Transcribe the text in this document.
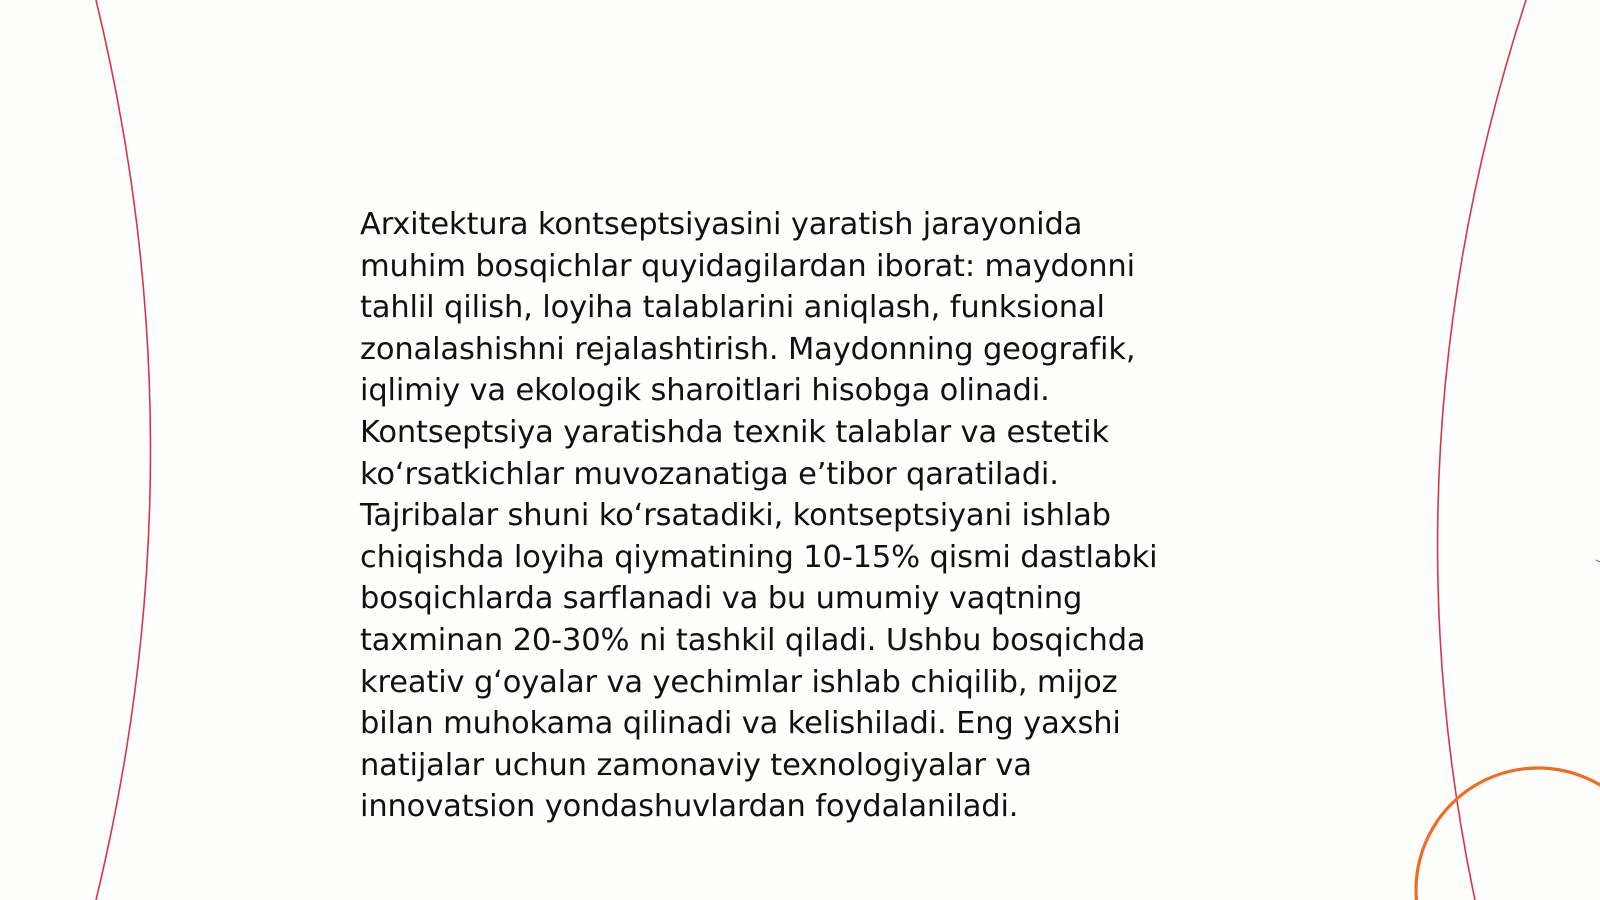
Arxitektura kontseptsiyasini yaratish jarayonida
muhim bosqichlar quyidagilardan iborat: maydonni
tahlil qilish, loyiha talablarini aniqlash, funksional
zonalashishni rejalashtirish. Maydonning geografik,
iqlimiy va ekologik sharoitlari hisobga olinadi.
Kontseptsiya yaratishda texnik talablar va estetik
ko‘rsatkichlar muvozanatiga e’tibor qaratiladi.
Tajribalar shuni ko‘rsatadiki, kontseptsiyani ishlab
chiqishda loyiha qiymatining 10-15% qismi dastlabki
bosqichlarda sarflanadi va bu umumiy vaqtning
taxminan 20-30% ni tashkil qiladi. Ushbu bosqichda
kreativ g‘oyalar va yechimlar ishlab chiqilib, mijoz
bilan muhokama qilinadi va kelishiladi. Eng yaxshi
natijalar uchun zamonaviy texnologiyalar va
innovatsion yondashuvlardan foydalaniladi.
